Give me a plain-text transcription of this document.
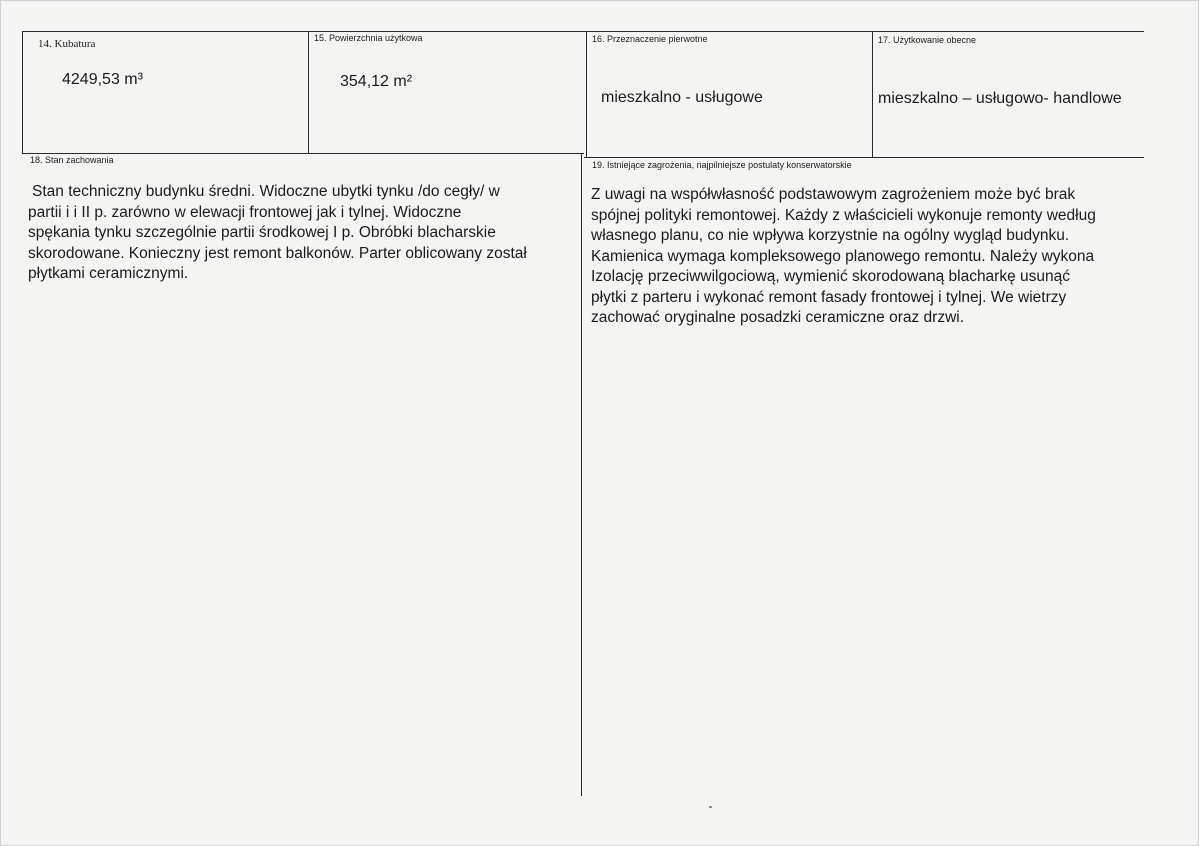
14. Kubatura
4249,53 m³
15. Powierzchnia użytkowa
354,12 m²
16. Przeznaczenie pierwotne
mieszkalno - usługowe
17. Użytkowanie obecne
mieszkalno – usługowo- handlowe
18. Stan zachowania
Stan techniczny budynku średni. Widoczne ubytki tynku /do cegły/ w
partii i i II p. zarówno w elewacji frontowej jak i tylnej. Widoczne
spękania tynku szczególnie partii środkowej I p. Obróbki blacharskie
skorodowane. Konieczny jest remont balkonów. Parter oblicowany został
płytkami ceramicznymi.
19. Istniejące zagrożenia, najpilniejsze postulaty konserwatorskie
Z uwagi na współwłasność podstawowym zagrożeniem może być brak
spójnej polityki remontowej. Każdy z właścicieli wykonuje remonty według
własnego planu, co nie wpływa korzystnie na ogólny wygląd budynku.
Kamienica wymaga kompleksowego planowego remontu. Należy wykona
Izolację przeciwwilgociową, wymienić skorodowaną blacharkę usunąć
płytki z parteru i wykonać remont fasady frontowej i tylnej. We wietrzy
zachować oryginalne posadzki ceramiczne oraz drzwi.
